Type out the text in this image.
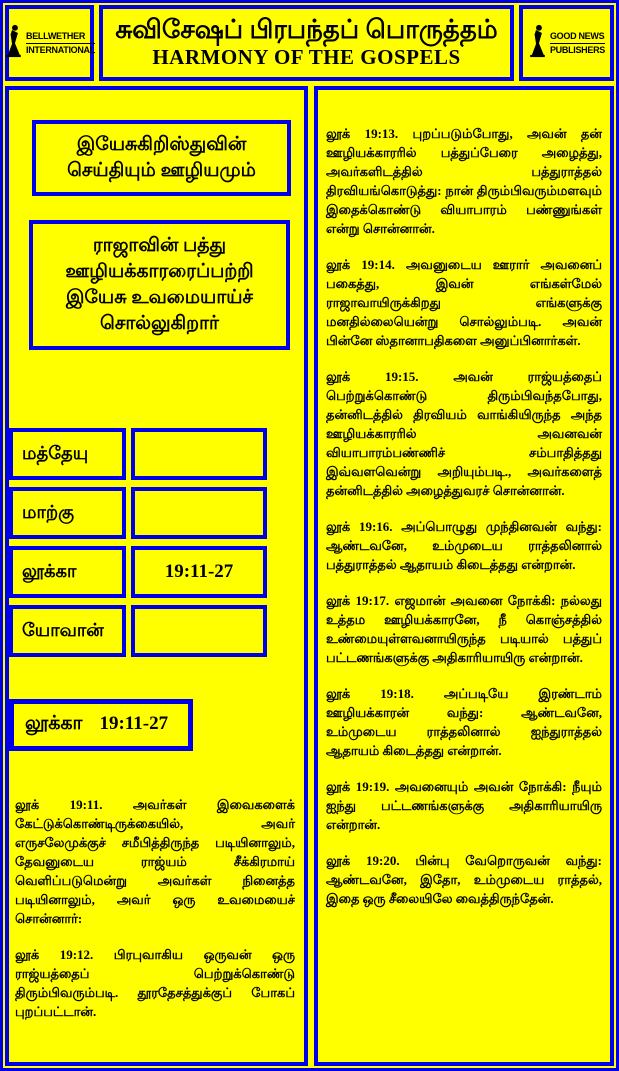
BELLWETHER
INTERNATIONAL
சுவிசேஷப் பிரபந்தப் பொருத்தம்
HARMONY OF THE GOSPELS
GOOD NEWS
PUBLISHERS
இயேசுகிறிஸ்துவின்
செய்தியும் ஊழியமும்
ராஜாவின் பத்து
ஊழியக்காரரைப்பற்றி
இயேசு உவமையாய்ச்
சொல்லுகிறார்
மத்தேயு
மாற்கு
லூக்கா	19:11-27
யோவான்
லூக்கா 19:11-27

லூக் 19:11. அவர்கள் இவைகளைக் கேட்டுக்கொண்டிருக்கையில், அவர் எருசலேமுக்குச் சமீபித்திருந்த படியினாலும், தேவனுடைய ராஜ்யம் சீக்கிரமாய் வெளிப்படுமென்று அவர்கள் நினைத்த படியினாலும், அவர் ஒரு உவமையைச் சொன்னார்:

லூக் 19:12. பிரபுவாகிய ஒருவன் ஒரு ராஜ்யத்தைப் பெற்றுக்கொண்டு திரும்பிவரும்படி. தூரதேசத்துக்குப் போகப் புறப்பட்டான்.

லூக் 19:13. புறப்படும்போது, அவன் தன் ஊழியக்காரரில் பத்துப்பேரை அழைத்து, அவர்களிடத்தில் பத்துராத்தல் திரவியங்கொடுத்து: நான் திரும்பிவரும்மளவும் இதைக்கொண்டு வியாபாரம் பண்ணுங்கள் என்று சொன்னான்.

லூக் 19:14. அவனுடைய ஊரார் அவனைப் பகைத்து, இவன் எங்கள்மேல் ராஜாவாயிருக்கிறது எங்களுக்கு மனதில்லையென்று சொல்லும்படி. அவன் பின்னே ஸ்தானாபதிகளை அனுப்பினார்கள்.

லூக் 19:15. அவன் ராஜ்யத்தைப் பெற்றுக்கொண்டு திரும்பிவந்தபோது, தன்னிடத்தில் திரவியம் வாங்கியிருந்த அந்த ஊழியக்காரரில் அவனவன் வியாபாரம்பண்ணிச் சம்பாதித்தது இவ்வளவென்று அறியும்படி., அவர்களைத் தன்னிடத்தில் அழைத்துவரச் சொன்னான்.

லூக் 19:16. அப்பொழுது முந்தினவன் வந்து: ஆண்டவனே, உம்முடைய ராத்தலினால் பத்துராத்தல் ஆதாயம் கிடைத்தது என்றான்.

லூக் 19:17. எஜமான் அவனை நோக்கி: நல்லது உத்தம ஊழியக்காரனே, நீ கொஞ்சத்தில் உண்மையுள்ளவனாயிருந்த படியால் பத்துப் பட்டணங்களுக்கு அதிகாரியாயிரு என்றான்.

லூக் 19:18. அப்படியே இரண்டாம் ஊழியக்காரன் வந்து: ஆண்டவனே, உம்முடைய ராத்தலினால் ஐந்துராத்தல் ஆதாயம் கிடைத்தது என்றான்.

லூக் 19:19. அவனையும் அவன் நோக்கி: நீயும் ஐந்து பட்டணங்களுக்கு அதிகாரியாயிரு என்றான்.

லூக் 19:20. பின்பு வேறொருவன் வந்து: ஆண்டவனே, இதோ, உம்முடைய ராத்தல், இதை ஒரு சீலையிலே வைத்திருந்தேன்.
